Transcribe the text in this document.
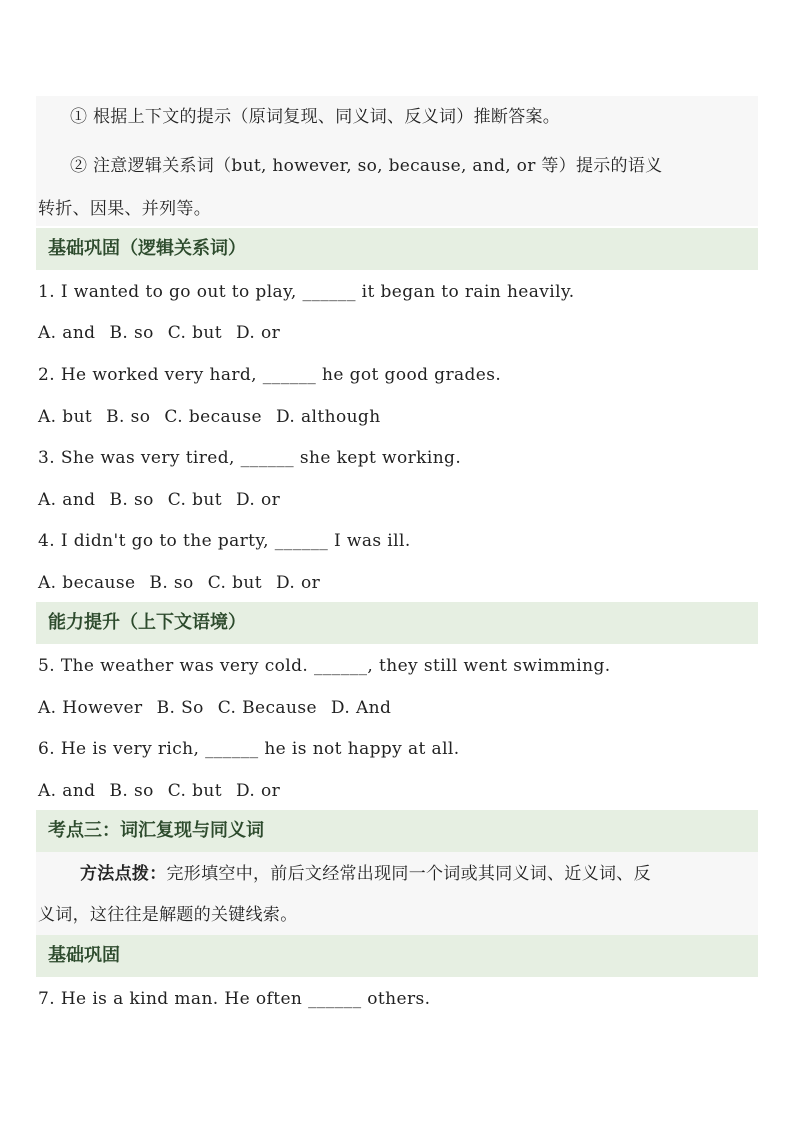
① 根据上下文的提示（原词复现、同义词、反义词）推断答案。
② 注意逻辑关系词（but, however, so, because, and, or 等）提示的语义
转折、因果、并列等。
基础巩固（逻辑关系词）
1. I wanted to go out to play, ______ it began to rain heavily.
A. and B. so C. but D. or
2. He worked very hard, ______ he got good grades.
A. but B. so C. because D. although
3. She was very tired, ______ she kept working.
A. and B. so C. but D. or
4. I didn't go to the party, ______ I was ill.
A. because B. so C. but D. or
能力提升（上下文语境）
5. The weather was very cold. ______, they still went swimming.
A. However B. So C. Because D. And
6. He is very rich, ______ he is not happy at all.
A. and B. so C. but D. or
考点三：词汇复现与同义词
方法点拨：完形填空中，前后文经常出现同一个词或其同义词、近义词、反
义词，这往往是解题的关键线索。
基础巩固
7. He is a kind man. He often ______ others.
